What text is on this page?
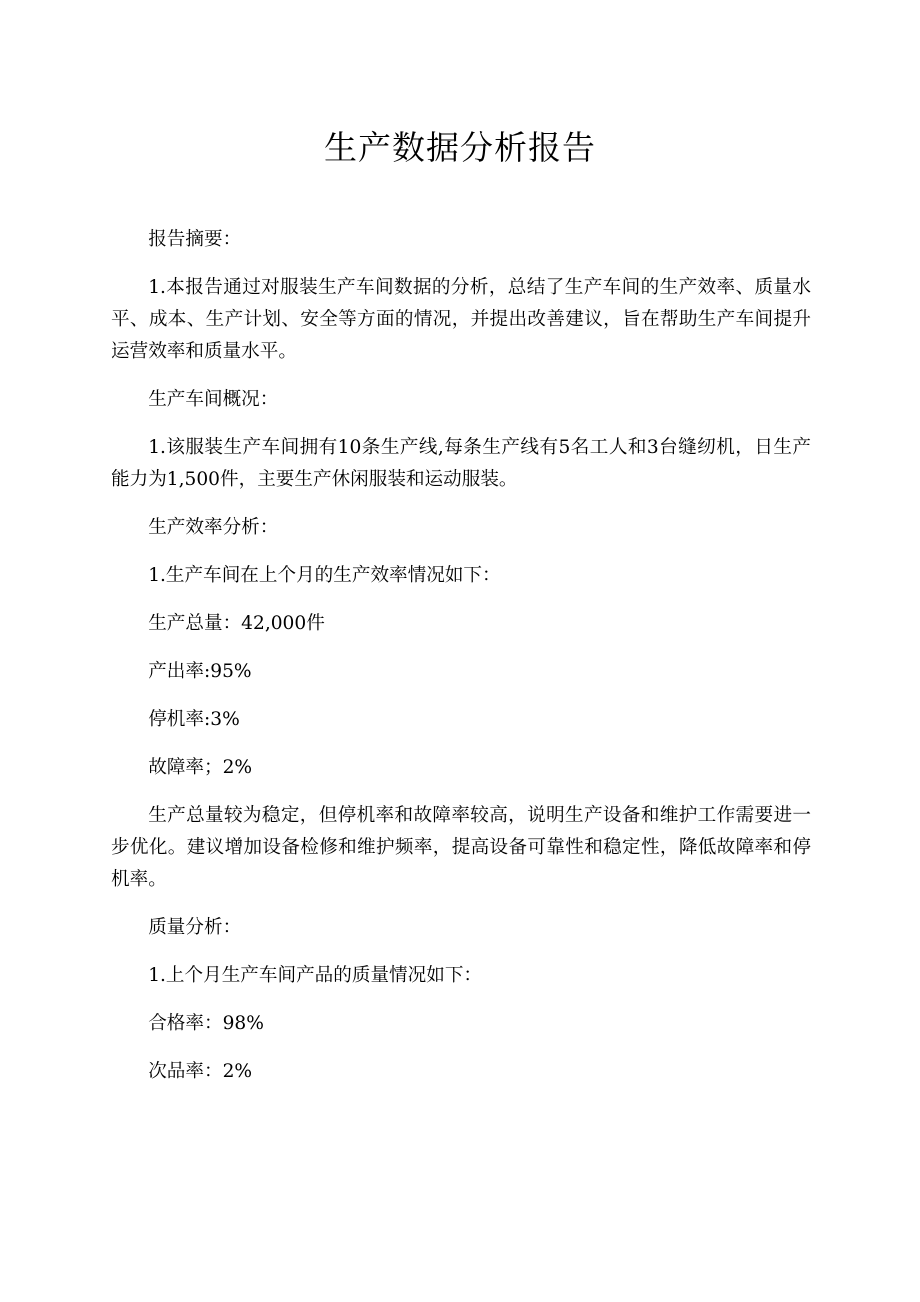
生产数据分析报告

报告摘要：

1.本报告通过对服装生产车间数据的分析，总结了生产车间的生产效率、质量水平、成本、生产计划、安全等方面的情况，并提出改善建议，旨在帮助生产车间提升运营效率和质量水平。

生产车间概况：

1.该服装生产车间拥有10条生产线,每条生产线有5名工人和3台缝纫机，日生产能力为1,500件，主要生产休闲服装和运动服装。

生产效率分析：

1.生产车间在上个月的生产效率情况如下：

生产总量：42,000件

产出率:95%

停机率:3%

故障率；2%

生产总量较为稳定，但停机率和故障率较高，说明生产设备和维护工作需要进一步优化。建议增加设备检修和维护频率，提高设备可靠性和稳定性，降低故障率和停机率。

质量分析：

1.上个月生产车间产品的质量情况如下：

合格率：98%

次品率：2%
